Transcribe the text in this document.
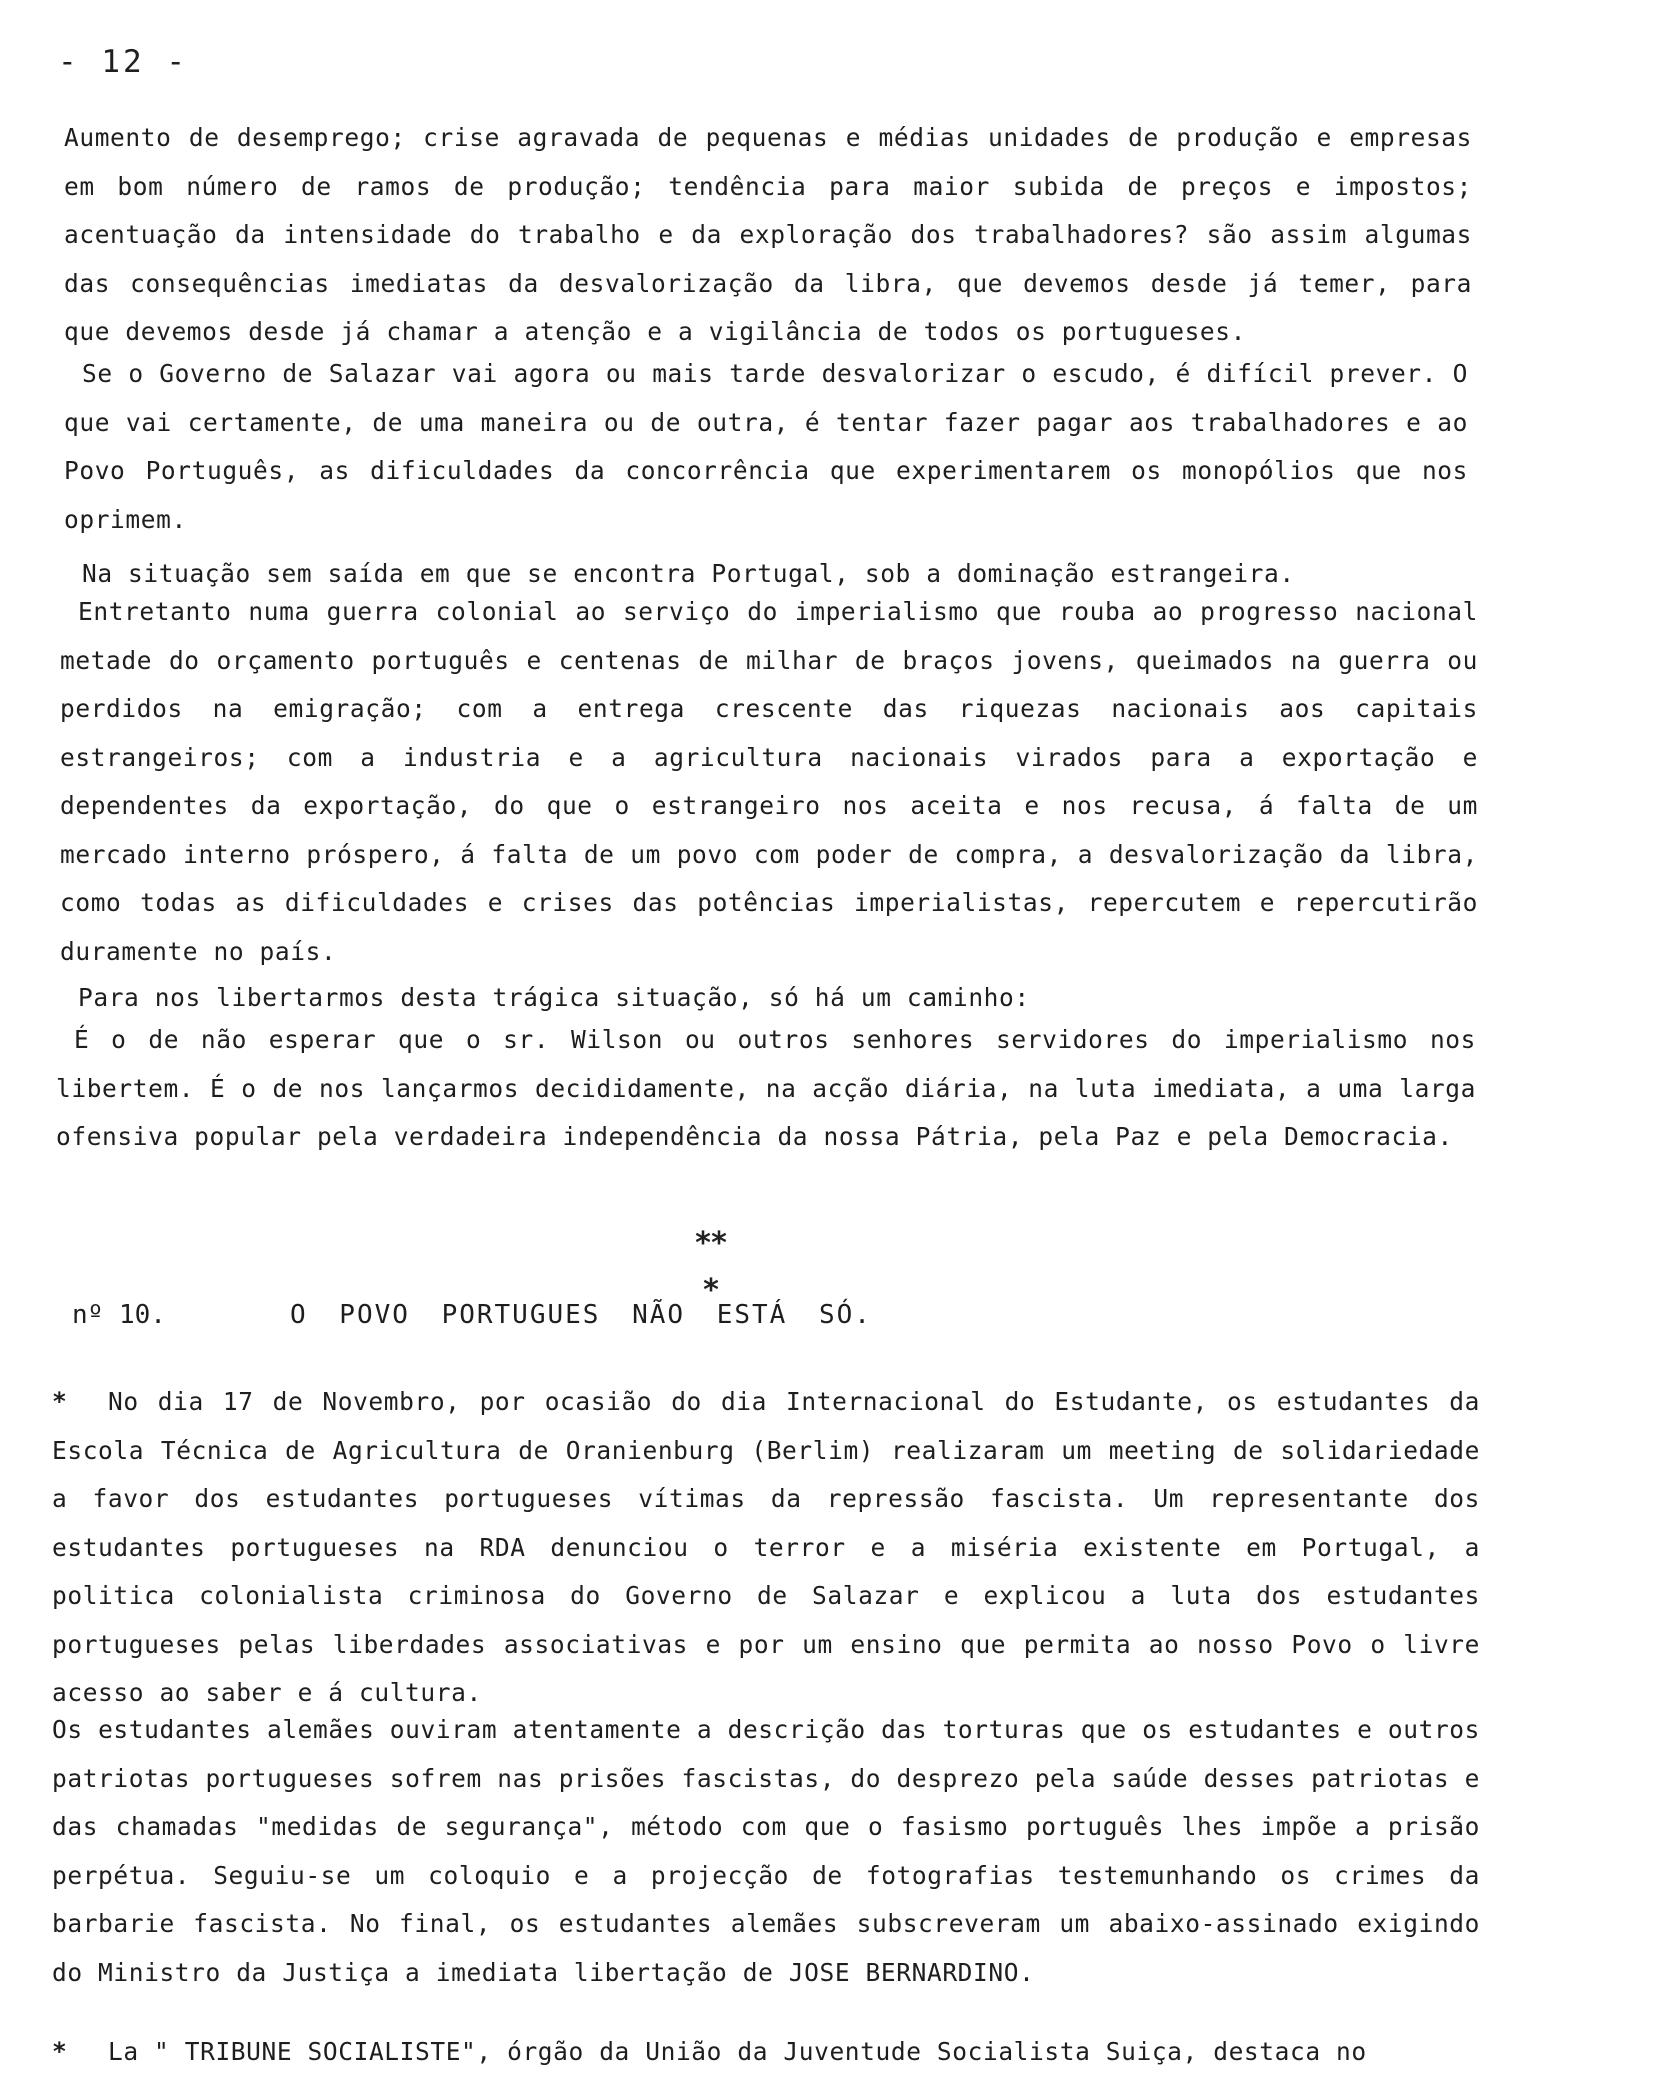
- 12 -
Aumento de desemprego; crise agravada de pequenas e médias unidades de produção e empresas em bom número de ramos de produção; tendência para maior subida de preços e impostos; acentuação da intensidade do trabalho e da exploração dos trabalhadores? são assim algumas das consequências imediatas da desvalorização da libra, que devemos desde já temer, para que devemos desde já chamar a atenção e a vigilância de todos os portugueses.
Se o Governo de Salazar vai agora ou mais tarde desvalorizar o escudo, é difícil prever. O que vai certamente, de uma maneira ou de outra, é tentar fazer pagar aos trabalhadores e ao Povo Português, as dificuldades da concorrência que experimentarem os monopólios que nos oprimem.
Na situação sem saída em que se encontra Portugal, sob a dominação estrangeira.
Entretanto numa guerra colonial ao serviço do imperialismo que rouba ao progresso nacional metade do orçamento português e centenas de milhar de braços jovens, queimados na guerra ou perdidos na emigração; com a entrega crescente das riquezas nacionais aos capitais estrangeiros; com a industria e a agricultura nacionais virados para a exportação e dependentes da exportação, do que o estrangeiro nos aceita e nos recusa, á falta de um mercado interno próspero, á falta de um povo com poder de compra, a desvalorização da libra, como todas as dificuldades e crises das potências imperialistas, repercutem e repercutirão duramente no país.
Para nos libertarmos desta trágica situação, só há um caminho:
É o de não esperar que o sr. Wilson ou outros senhores servidores do imperialismo nos libertem. É o de nos lançarmos decididamente, na acção diária, na luta imediata, a uma larga ofensiva popular pela verdadeira independência da nossa Pátria, pela Paz e pela Democracia.
**
*
nº 10.	O POVO PORTUGUES NÃO ESTÁ SÓ.
* No dia 17 de Novembro, por ocasião do dia Internacional do Estudante, os estudantes da Escola Técnica de Agricultura de Oranienburg (Berlim) realizaram um meeting de solidariedade a favor dos estudantes portugueses vítimas da repressão fascista. Um representante dos estudantes portugueses na RDA denunciou o terror e a miséria existente em Portugal, a politica colonialista criminosa do Governo de Salazar e explicou a luta dos estudantes portugueses pelas liberdades associativas e por um ensino que permita ao nosso Povo o livre acesso ao saber e á cultura.
Os estudantes alemães ouviram atentamente a descrição das torturas que os estudantes e outros patriotas portugueses sofrem nas prisões fascistas, do desprezo pela saúde desses patriotas e das chamadas "medidas de segurança", método com que o fasismo português lhes impõe a prisão perpétua. Seguiu-se um coloquio e a projecção de fotografias testemunhando os crimes da barbarie fascista. No final, os estudantes alemães subscreveram um abaixo-assinado exigindo do Ministro da Justiça a imediata libertação de JOSE BERNARDINO.
* La " TRIBUNE SOCIALISTE", órgão da União da Juventude Socialista Suiça, destaca no
